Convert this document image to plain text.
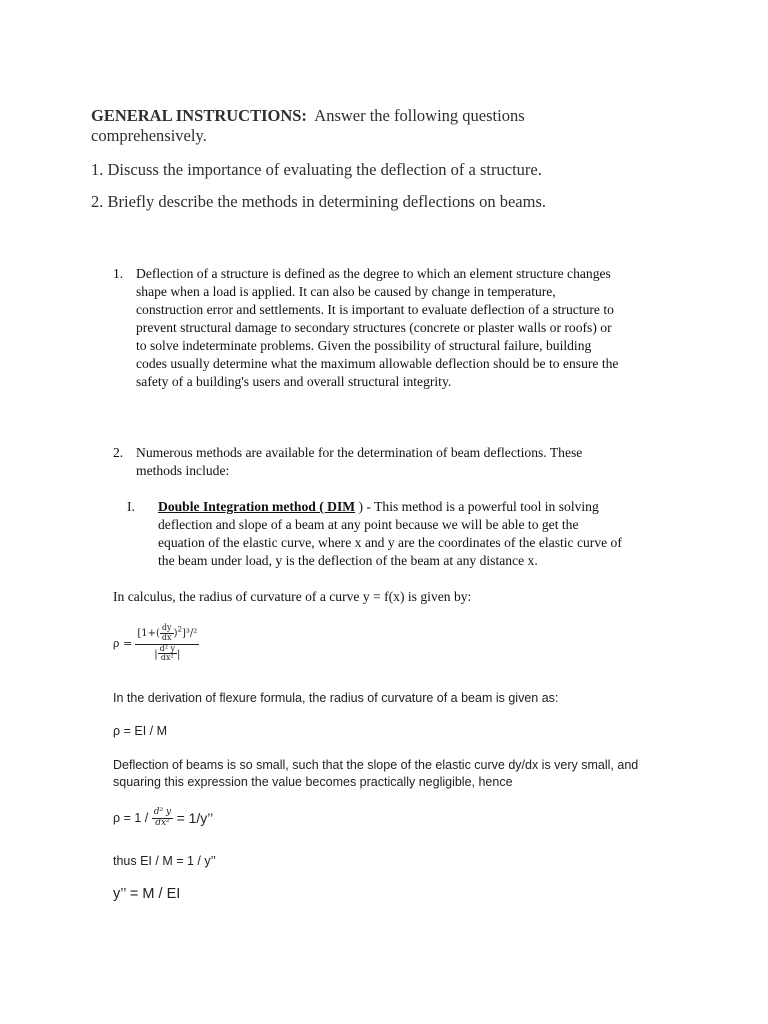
GENERAL INSTRUCTIONS: Answer the following questions
comprehensively.
1. Discuss the importance of evaluating the deflection of a structure.
2. Briefly describe the methods in determining deflections on beams.
1. Deflection of a structure is defined as the degree to which an element structure changes
shape when a load is applied. It can also be caused by change in temperature,
construction error and settlements. It is important to evaluate deflection of a structure to
prevent structural damage to secondary structures (concrete or plaster walls or roofs) or
to solve indeterminate problems. Given the possibility of structural failure, building
codes usually determine what the maximum allowable deflection should be to ensure the
safety of a building's users and overall structural integrity.
2. Numerous methods are available for the determination of beam deflections. These
methods include:
I. Double Integration method ( DIM ) - This method is a powerful tool in solving
deflection and slope of a beam at any point because we will be able to get the
equation of the elastic curve, where x and y are the coordinates of the elastic curve of
the beam under load, y is the deflection of the beam at any distance x.
In calculus, the radius of curvature of a curve y = f(x) is given by:
$\rho = \frac{[1+( \frac{dy}{dx} )^2]^3/^2}{| \frac{\text{d² y}}{\text{dx²}} |}$
In the derivation of flexure formula, the radius of curvature of a beam is given as:
ρ = EI / M
Deflection of beams is so small, such that the slope of the elastic curve dy/dx is very small, and
squaring this expression the value becomes practically negligible, hence
$\rho = 1 / \frac{\text{d² y}}{\text{dx²}} = 1/y$’’
thus EI / M = 1 / y’’
y’’ = M / EI
